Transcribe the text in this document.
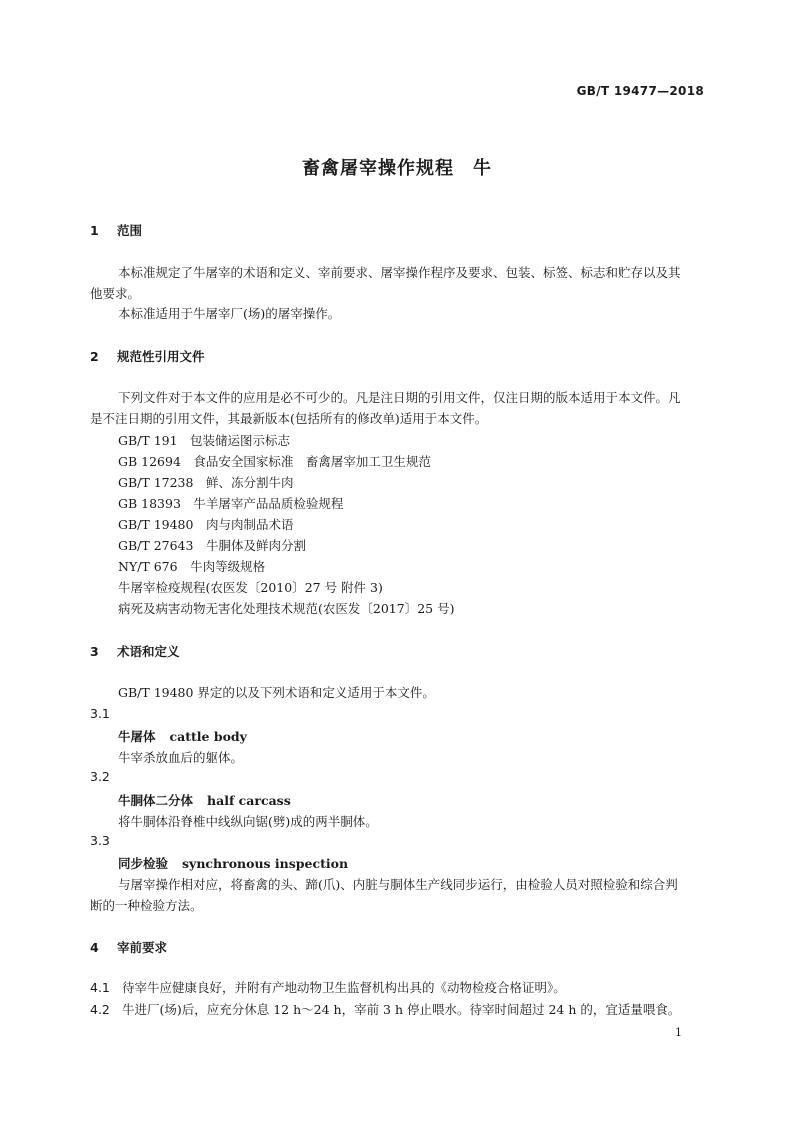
GB/T 19477—2018
畜禽屠宰操作规程　牛
1 范围
本标准规定了牛屠宰的术语和定义、宰前要求、屠宰操作程序及要求、包装、标签、标志和贮存以及其他要求。
本标准适用于牛屠宰厂(场)的屠宰操作。
2 规范性引用文件
下列文件对于本文件的应用是必不可少的。凡是注日期的引用文件，仅注日期的版本适用于本文件。凡是不注日期的引用文件，其最新版本(包括所有的修改单)适用于本文件。
GB/T 191　包装储运图示标志
GB 12694　食品安全国家标准　畜禽屠宰加工卫生规范
GB/T 17238　鲜、冻分割牛肉
GB 18393　牛羊屠宰产品品质检验规程
GB/T 19480　肉与肉制品术语
GB/T 27643　牛胴体及鲜肉分割
NY/T 676　牛肉等级规格
牛屠宰检疫规程(农医发〔2010〕27 号 附件 3)
病死及病害动物无害化处理技术规范(农医发〔2017〕25 号)
3 术语和定义
GB/T 19480 界定的以及下列术语和定义适用于本文件。
3.1
牛屠体 cattle body
牛宰杀放血后的躯体。
3.2
牛胴体二分体 half carcass
将牛胴体沿脊椎中线纵向锯(劈)成的两半胴体。
3.3
同步检验 synchronous inspection
与屠宰操作相对应，将畜禽的头、蹄(爪)、内脏与胴体生产线同步运行，由检验人员对照检验和综合判断的一种检验方法。
4 宰前要求
4.1 待宰牛应健康良好，并附有产地动物卫生监督机构出具的《动物检疫合格证明》。
4.2 牛进厂(场)后，应充分休息 12 h～24 h，宰前 3 h 停止喂水。待宰时间超过 24 h 的，宜适量喂食。
1
